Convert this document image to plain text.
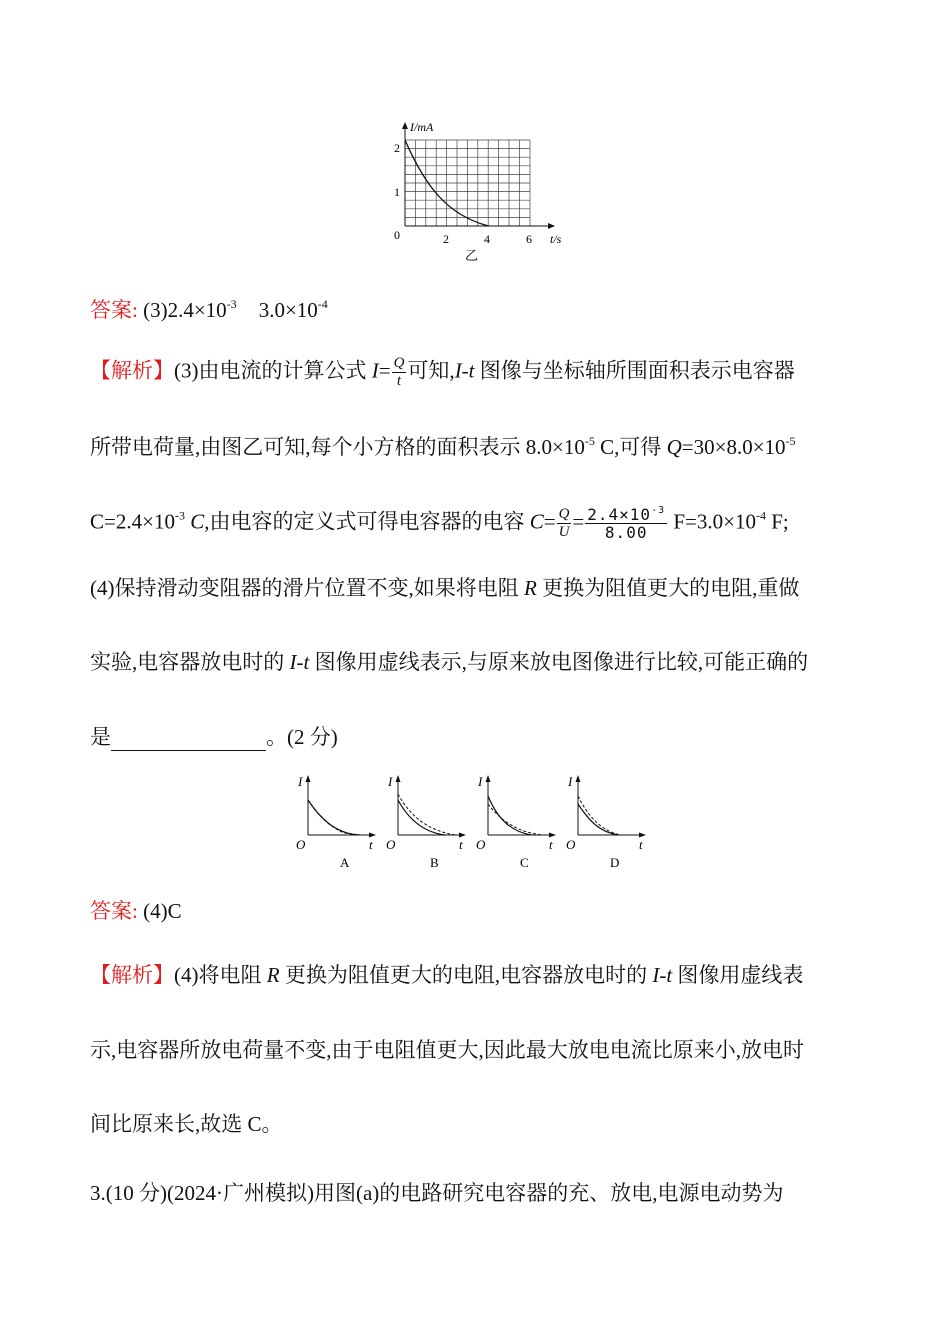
I/mA
2
1
0	2	4	6 t/s
乙
答案: $(3)2.4\times 10^{-3}$ $3.0\times 10^{-4}$
【解析】(3)由电流的计算公式 $I= \frac{Q}{t}$ 可知,I-t 图像与坐标轴所围面积表示电容器
所带电荷量,由图乙可知,每个小方格的面积表示 $8.0\times 10^{-5}$ C,可得 $Q=30\times 8.0\times 10^{-5}$
$C=2.4\times 10^{-3}$ C,由电容的定义式可得电容器的电容 $C= \frac{Q}{U} = \frac{2.4\times 10^{-3}}{8.00} F=3.0\times 10^{-4}$ F;
(4)保持滑动变阻器的滑片位置不变,如果将电阻 R 更换为阻值更大的电阻,重做
实验,电容器放电时的 I-t 图像用虚线表示,与原来放电图像进行比较,可能正确的
是	。(2 分)
I
O	t
A
I
O	t
B
I
O	t
C
I
O	t
D
答案: (4)C
【解析】(4)将电阻 R 更换为阻值更大的电阻,电容器放电时的 I-t 图像用虚线表
示,电容器所放电荷量不变,由于电阻值更大,因此最大放电电流比原来小,放电时
间比原来长,故选 C。
3.(10 分)(2024·广州模拟)用图(a)的电路研究电容器的充、放电,电源电动势为
